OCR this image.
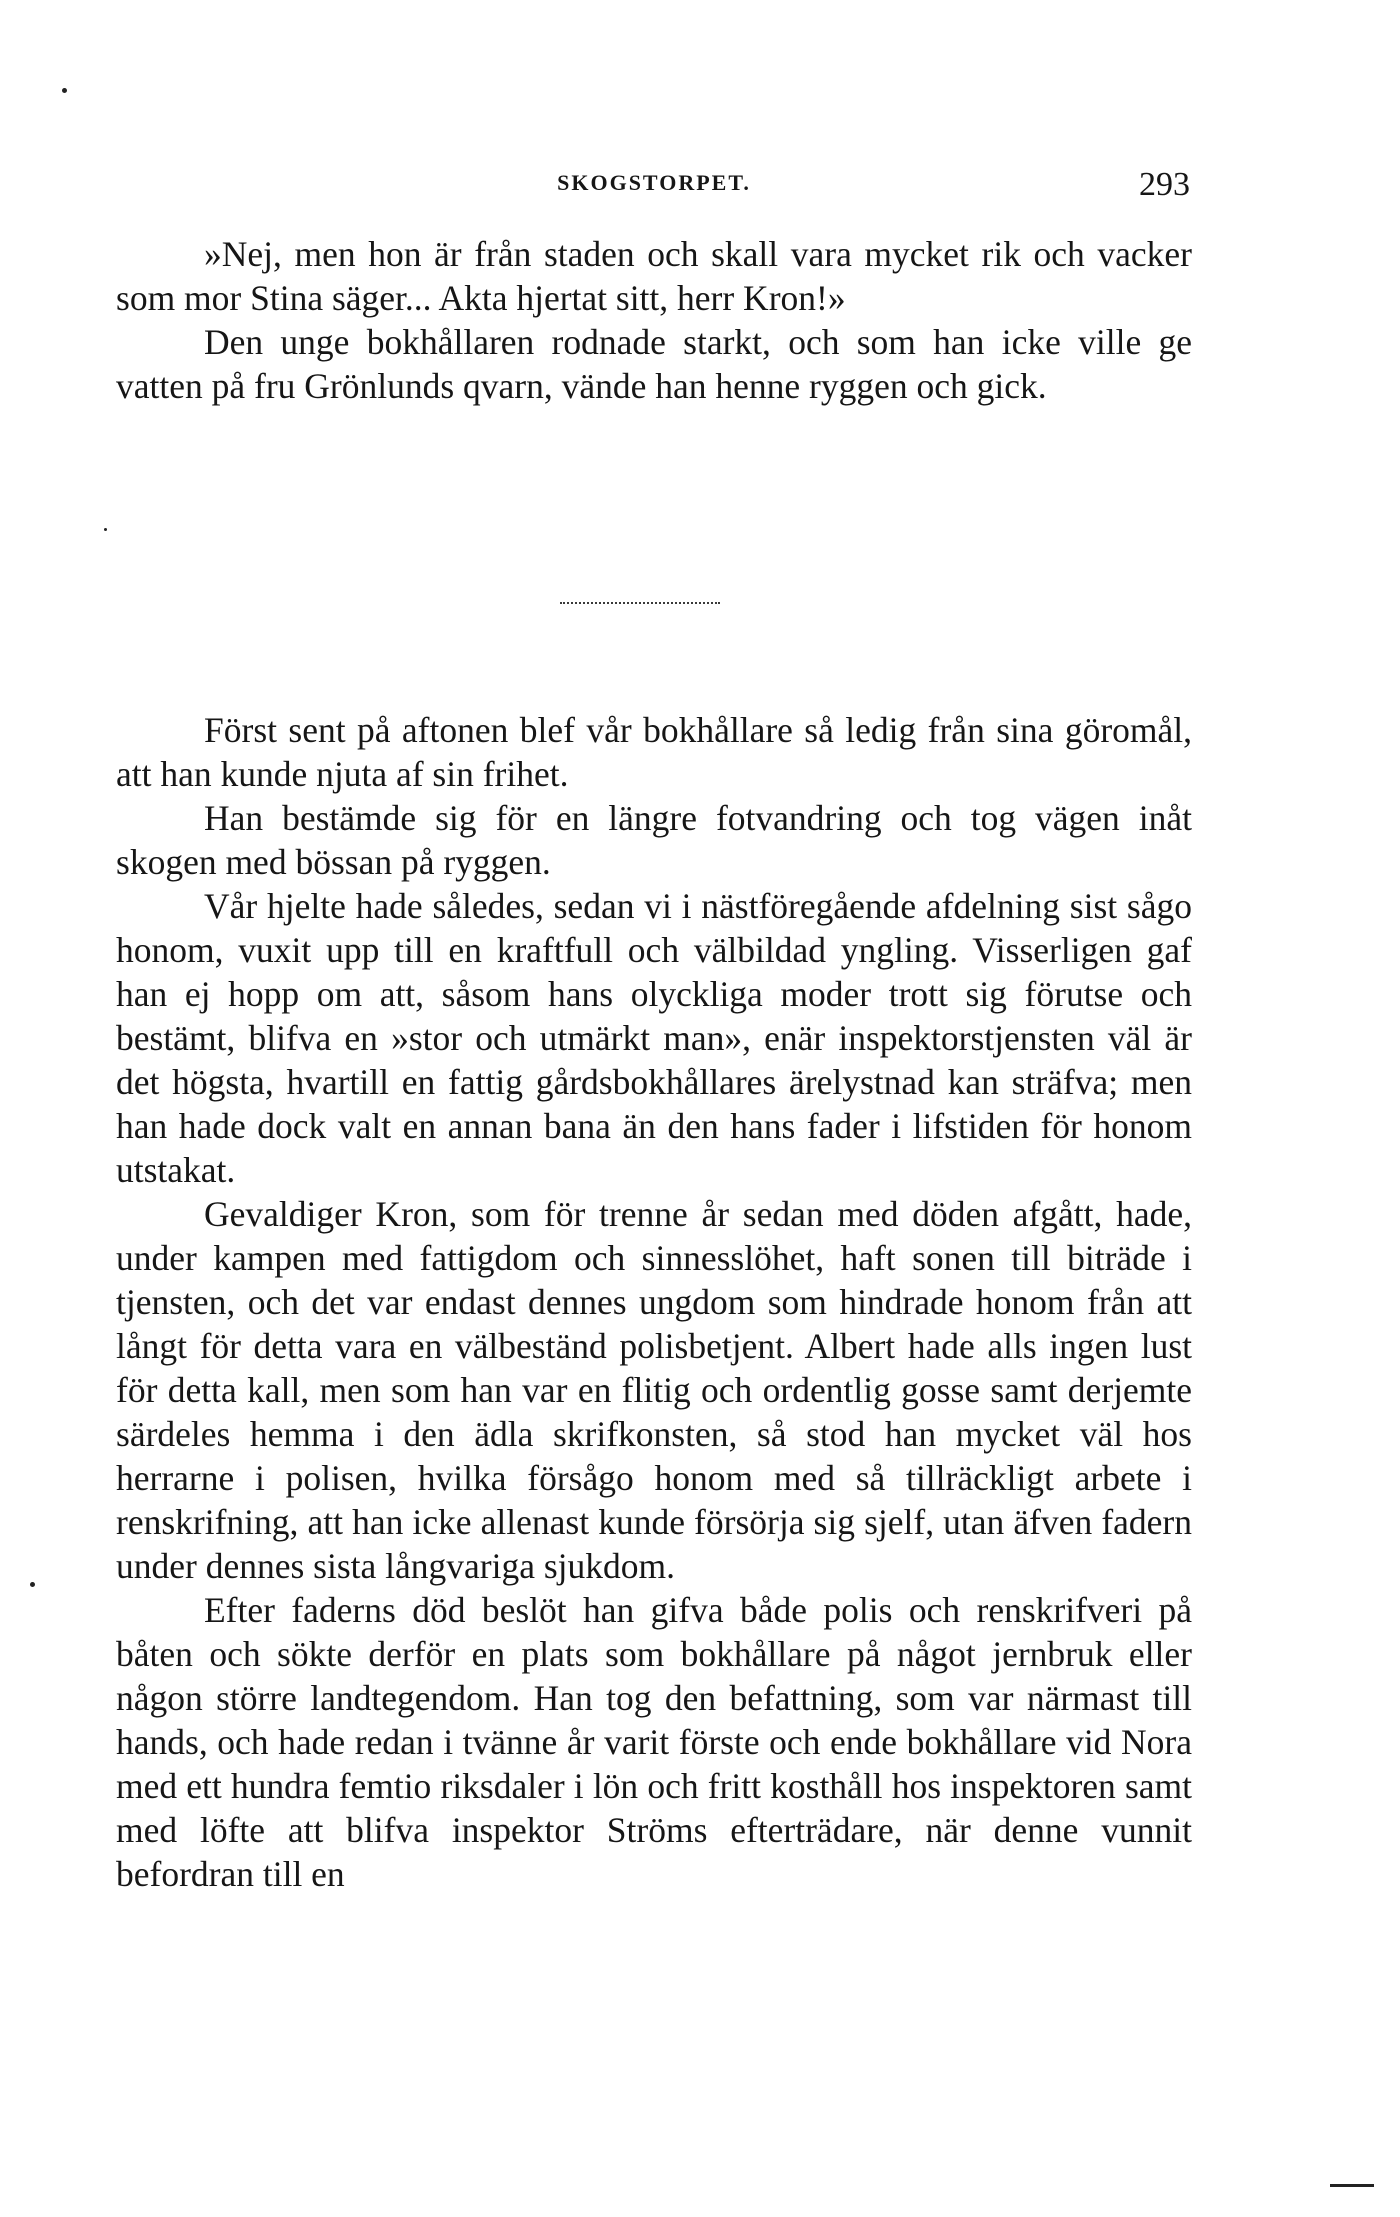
SKOGSTORPET.	293

»Nej, men hon är från staden och skall vara mycket rik och vacker som mor Stina säger... Akta hjertat sitt, herr Kron!»

Den unge bokhållaren rodnade starkt, och som han icke ville ge vatten på fru Grönlunds qvarn, vände han henne ryggen och gick.

Först sent på aftonen blef vår bokhållare så ledig från sina göromål, att han kunde njuta af sin frihet.

Han bestämde sig för en längre fotvandring och tog vägen inåt skogen med bössan på ryggen.

Vår hjelte hade således, sedan vi i nästföregående afdelning sist sågo honom, vuxit upp till en kraftfull och välbildad yngling. Visserligen gaf han ej hopp om att, såsom hans olyckliga moder trott sig förutse och bestämt, blifva en »stor och utmärkt man», enär inspektorstjensten väl är det högsta, hvartill en fattig gårdsbokhållares ärelystnad kan sträfva; men han hade dock valt en annan bana än den hans fader i lifstiden för honom utstakat.

Gevaldiger Kron, som för trenne år sedan med döden afgått, hade, under kampen med fattigdom och sinnesslöhet, haft sonen till biträde i tjensten, och det var endast dennes ungdom som hindrade honom från att långt för detta vara en välbeständ polisbetjent. Albert hade alls ingen lust för detta kall, men som han var en flitig och ordentlig gosse samt derjemte särdeles hemma i den ädla skrifkonsten, så stod han mycket väl hos herrarne i polisen, hvilka försågo honom med så tillräckligt arbete i renskrifning, att han icke allenast kunde försörja sig sjelf, utan äfven fadern under dennes sista långvariga sjukdom.

Efter faderns död beslöt han gifva både polis och renskrifveri på båten och sökte derför en plats som bokhållare på något jernbruk eller någon större landtegendom. Han tog den befattning, som var närmast till hands, och hade redan i tvänne år varit förste och ende bokhållare vid Nora med ett hundra femtio riksdaler i lön och fritt kosthåll hos inspektoren samt med löfte att blifva inspektor Ströms efterträdare, när denne vunnit befordran till en
